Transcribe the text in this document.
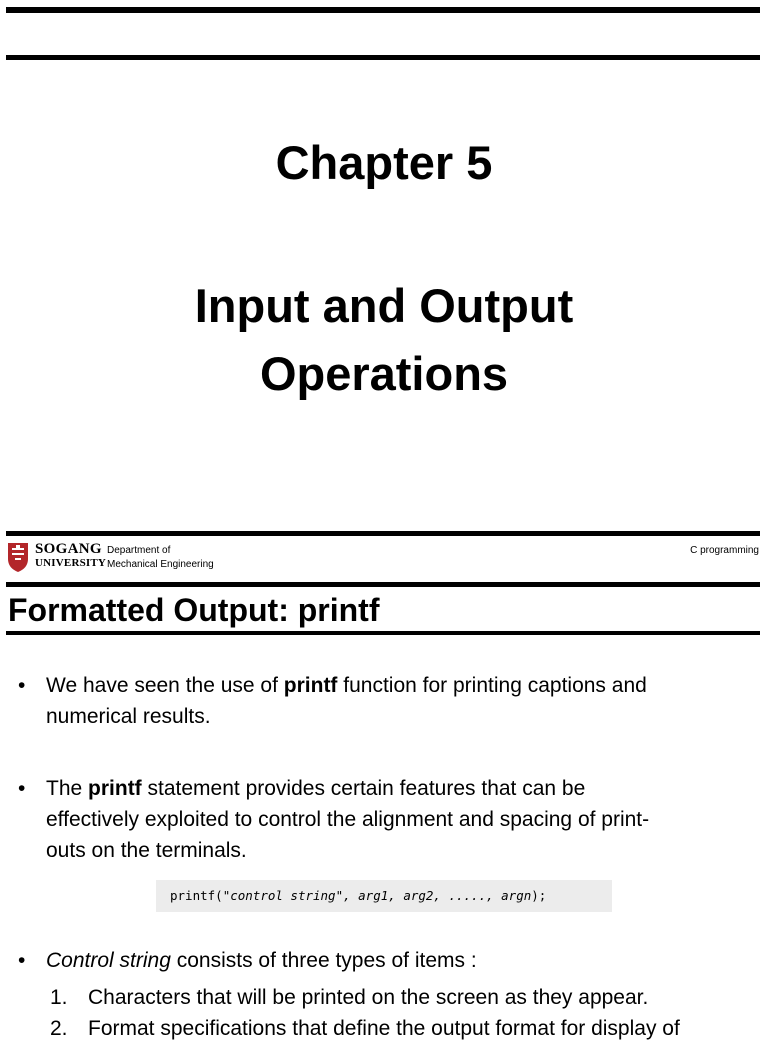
Chapter 5
Input and Output
Operations
SOGANG
UNIVERSITY
Department of
Mechanical Engineering
C programming
Formatted Output: printf
• We have seen the use of printf function for printing captions and
numerical results.
• The printf statement provides certain features that can be
effectively exploited to control the alignment and spacing of print-
outs on the terminals.
printf("control string", arg1, arg2, ....., argn);
• Control string consists of three types of items :
1. Characters that will be printed on the screen as they appear.
2. Format specifications that define the output format for display of
